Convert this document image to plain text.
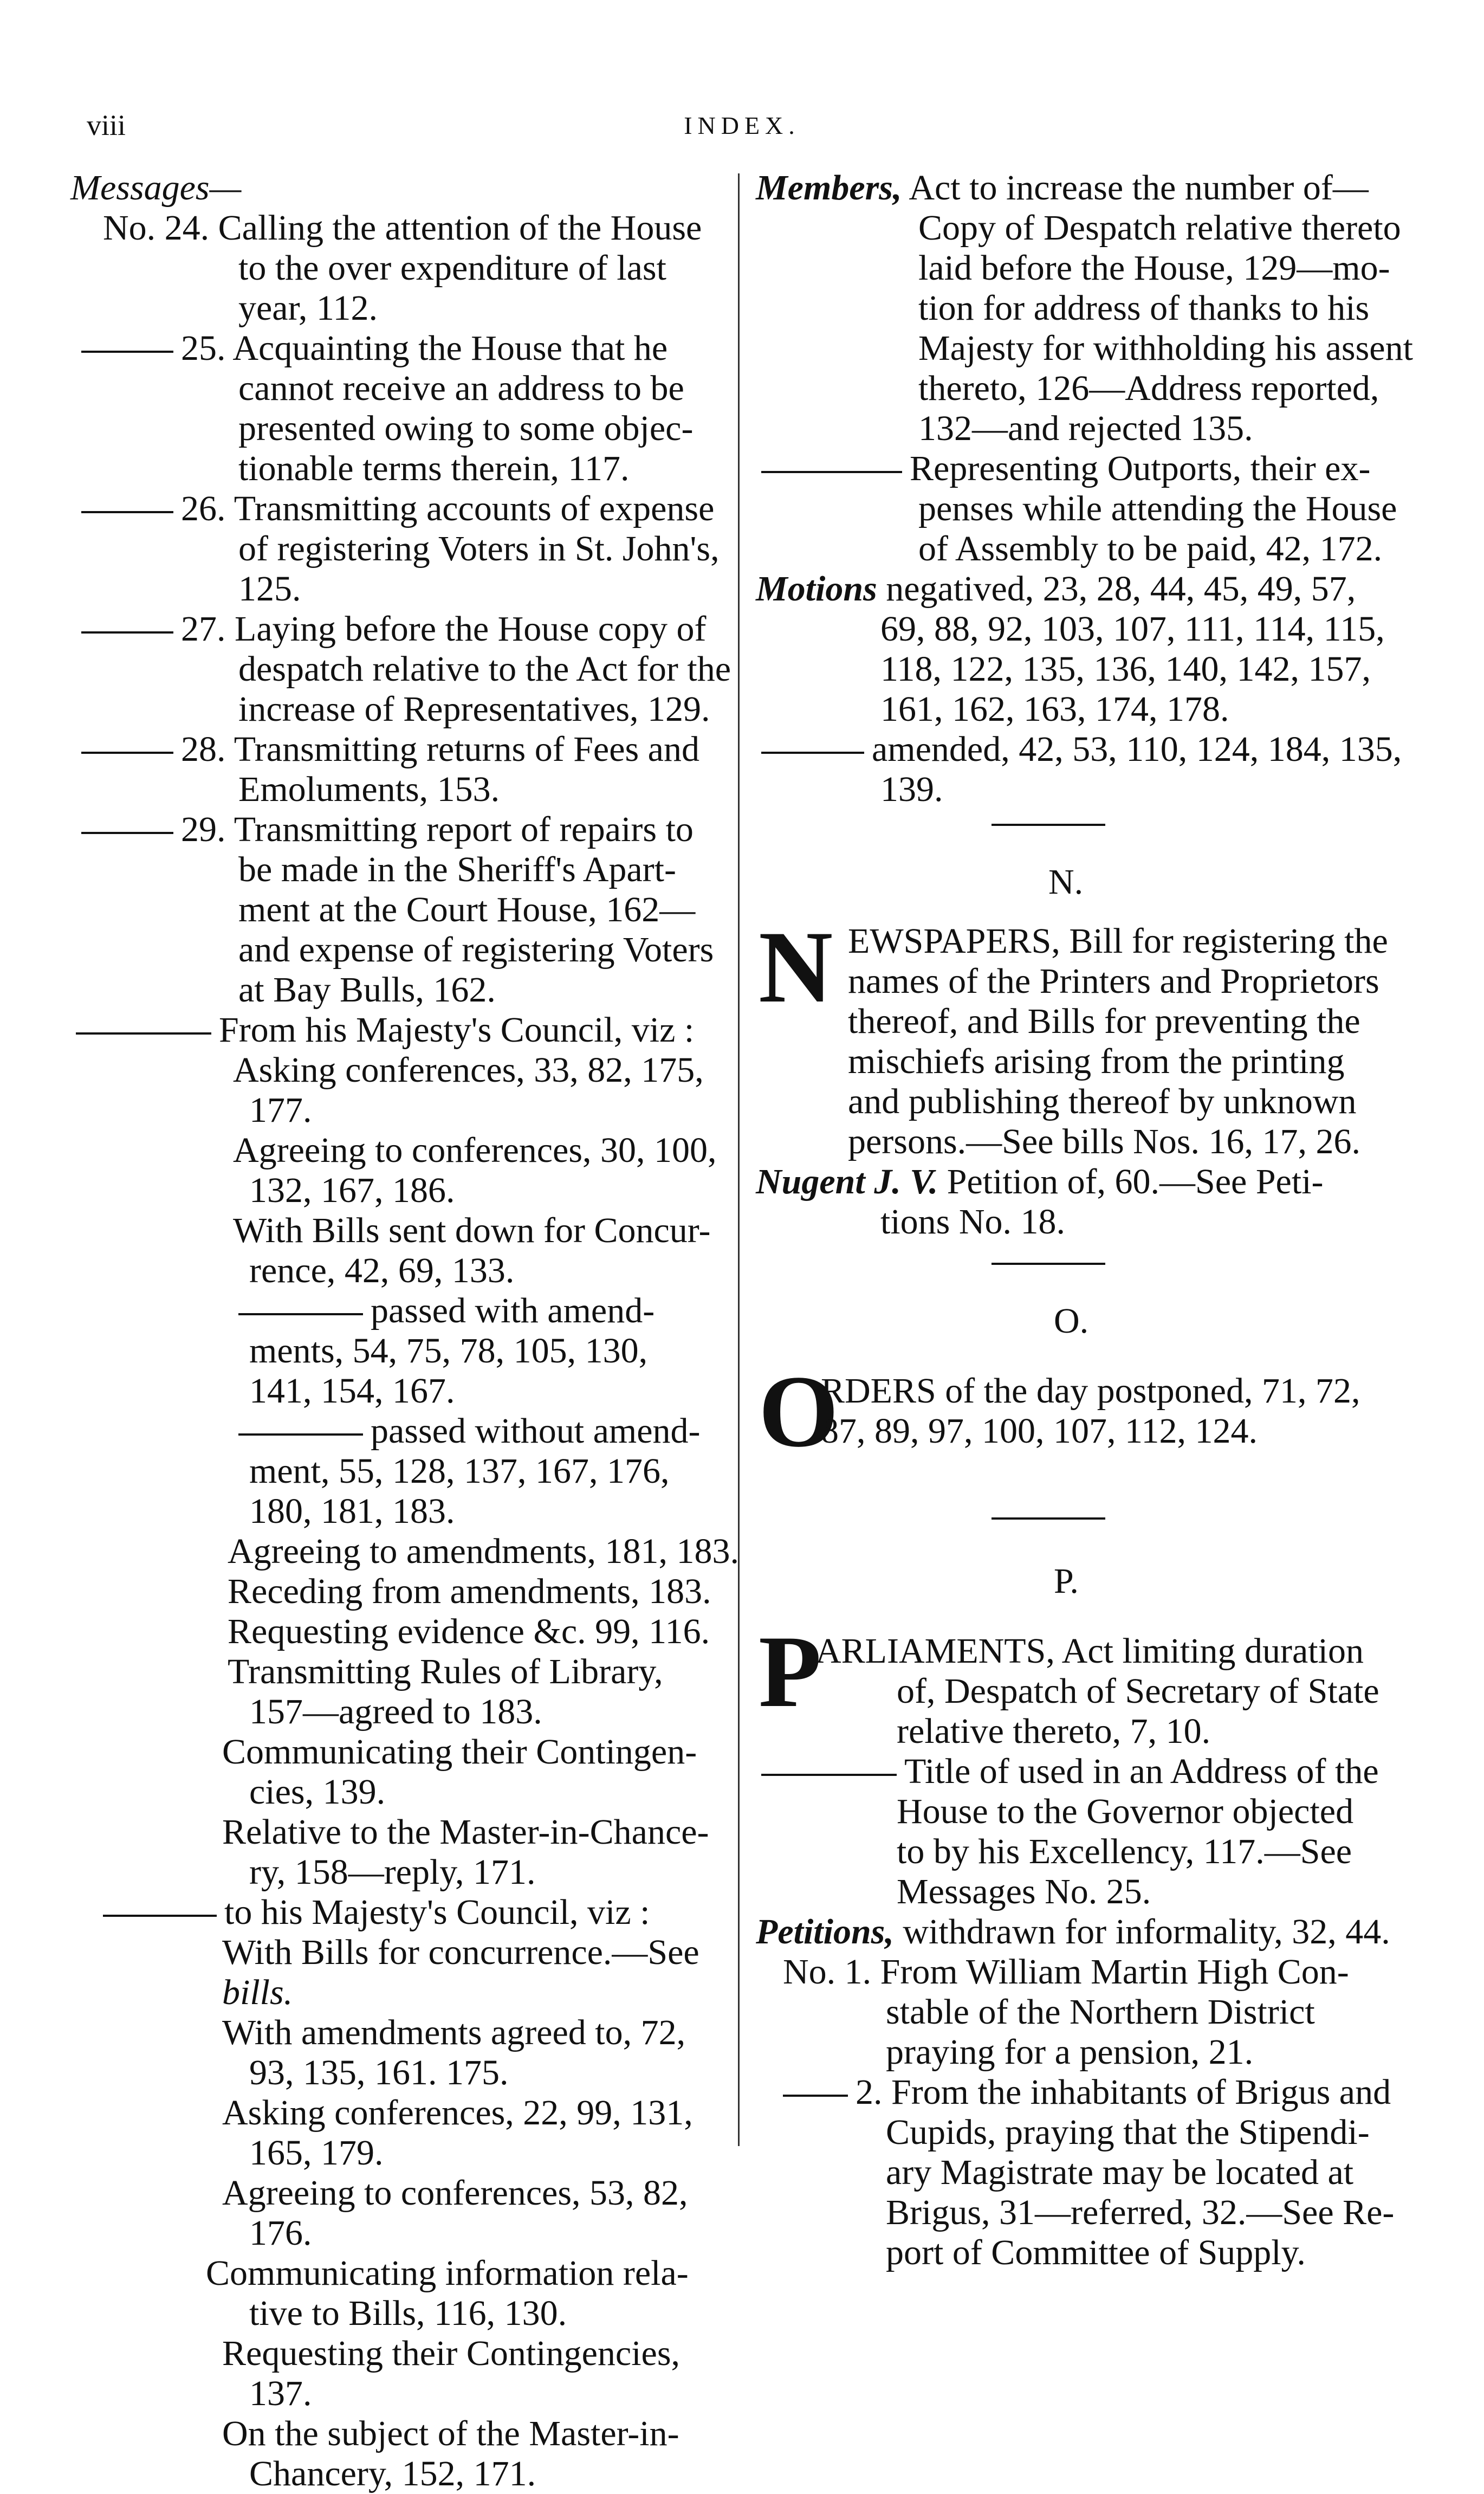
viii	INDEX.
Messages—
No. 24. Calling the attention of the House
to the over expenditure of last
year, 112.
25. Acquainting the House that he
cannot receive an address to be
presented owing to some objec-
tionable terms therein, 117.
26. Transmitting accounts of expense
of registering Voters in St. John's,
125.
27. Laying before the House copy of
despatch relative to the Act for the
increase of Representatives, 129.
28. Transmitting returns of Fees and
Emoluments, 153.
29. Transmitting report of repairs to
be made in the Sheriff's Apart-
ment at the Court House, 162—
and expense of registering Voters
at Bay Bulls, 162.
From his Majesty's Council, viz :
Asking conferences, 33, 82, 175,
177.
Agreeing to conferences, 30, 100,
132, 167, 186.
With Bills sent down for Concur-
rence, 42, 69, 133.
passed with amend-
ments, 54, 75, 78, 105, 130,
141, 154, 167.
passed without amend-
ment, 55, 128, 137, 167, 176,
180, 181, 183.
Agreeing to amendments, 181, 183.
Receding from amendments, 183.
Requesting evidence &c. 99, 116.
Transmitting Rules of Library,
157—agreed to 183.
Communicating their Contingen-
cies, 139.
Relative to the Master-in-Chance-
ry, 158—reply, 171.
to his Majesty's Council, viz :
With Bills for concurrence.—See
bills.
With amendments agreed to, 72,
93, 135, 161. 175.
Asking conferences, 22, 99, 131,
165, 179.
Agreeing to conferences, 53, 82,
176.
Communicating information rela-
tive to Bills, 116, 130.
Requesting their Contingencies,
137.
On the subject of the Master-in-
Chancery, 152, 171.
Members, Act to increase the number of—
Copy of Despatch relative thereto
laid before the House, 129—mo-
tion for address of thanks to his
Majesty for withholding his assent
thereto, 126—Address reported,
132—and rejected 135.
Representing Outports, their ex-
penses while attending the House
of Assembly to be paid, 42, 172.
Motions negatived, 23, 28, 44, 45, 49, 57,
69, 88, 92, 103, 107, 111, 114, 115,
118, 122, 135, 136, 140, 142, 157,
161, 162, 163, 174, 178.
amended, 42, 53, 110, 124, 184, 135,
139.
N.
N EWSPAPERS, Bill for registering the
names of the Printers and Proprietors
thereof, and Bills for preventing the
mischiefs arising from the printing
and publishing thereof by unknown
persons.—See bills Nos. 16, 17, 26.
Nugent J. V. Petition of, 60.—See Peti-
tions No. 18.
O.
O
RDERS of the day postponed, 71, 72,
87, 89, 97, 100, 107, 112, 124.
P.
P
ARLIAMENTS, Act limiting duration
of, Despatch of Secretary of State
relative thereto, 7, 10.
Title of used in an Address of the
House to the Governor objected
to by his Excellency, 117.—See
Messages No. 25.
Petitions, withdrawn for informality, 32, 44.
No. 1. From William Martin High Con-
stable of the Northern District
praying for a pension, 21.
2. From the inhabitants of Brigus and
Cupids, praying that the Stipendi-
ary Magistrate may be located at
Brigus, 31—referred, 32.—See Re-
port of Committee of Supply.
